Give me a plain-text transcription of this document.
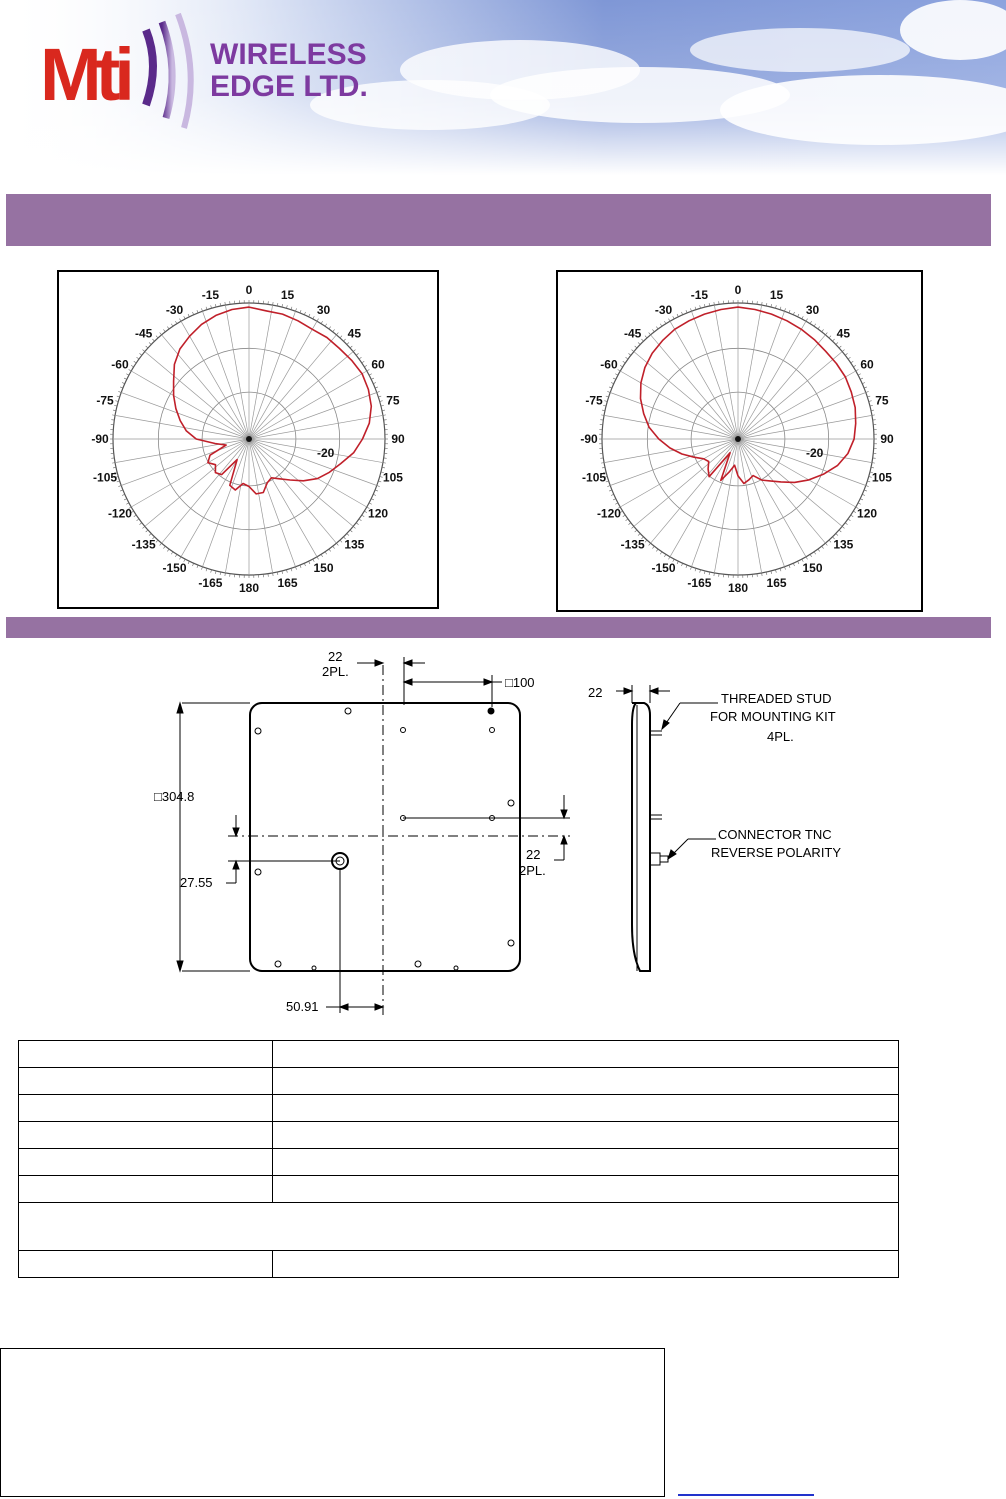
Mti	WIRELESS
EDGE LTD.
0 15
30
45
60
75
90
105
120
135
150
165
180
-165
-150
-135
-120
-105
-90
-75
-60
-45
-30
-15
-20
0 15
30
45
60
75
90
105
120
135
150
165
180
-165
-150
-135
-120
-105
-90
-75
-60
-45
-30
-15
-20
22
2PL.
□100
□304.8
27.55
22
2PL.
50.91
22	THREADED STUD
FOR MOUNTING KIT
4PL.
CONNECTOR TNC
REVERSE POLARITY
